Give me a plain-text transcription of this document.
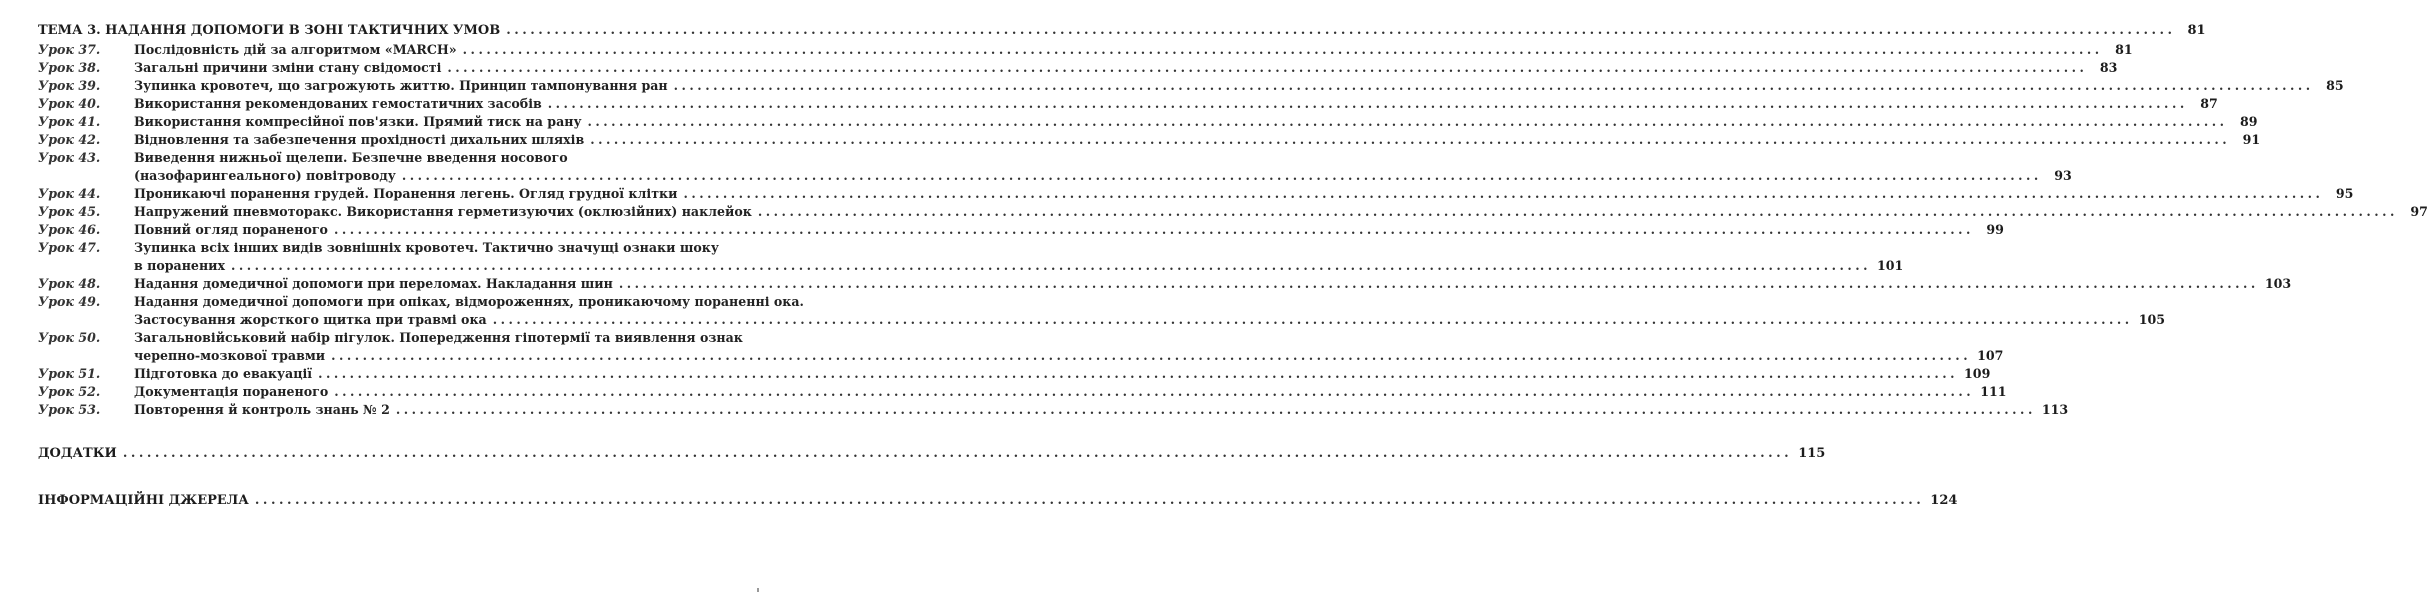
ТЕМА 3. НАДАННЯ ДОПОМОГИ В ЗОНІ ТАКТИЧНИХ УМОВ .....	81
Урок 37.	Послідовність дій за алгоритмом «MARCH» .....	81
Урок 38.	Загальні причини зміни стану свідомості .....	83
Урок 39.	Зупинка кровотеч, що загрожують життю. Принцип тампонування ран .....	85
Урок 40.	Використання рекомендованих гемостатичних засобів .....	87
Урок 41.	Використання компресійної пов'язки. Прямий тиск на рану .....	89
Урок 42.	Відновлення та забезпечення прохідності дихальних шляхів .....	91
Урок 43.	Виведення нижньої щелепи. Безпечне введення носового
(назофарингеального) повітроводу .....	93
Урок 44.	Проникаючі поранення грудей. Поранення легень. Огляд грудної клітки .....	95
Урок 45.	Напружений пневмоторакс. Використання герметизуючих (оклюзійних) наклейок .....	97
Урок 46.	Повний огляд пораненого .....	99
Урок 47.	Зупинка всіх інших видів зовнішніх кровотеч. Тактично значущі ознаки шоку
в поранених .....	101
Урок 48.	Надання домедичної допомоги при переломах. Накладання шин .....	103
Урок 49.	Надання домедичної допомоги при опіках, відмороженнях, проникаючому пораненні ока.
Застосування жорсткого щитка при травмі ока .....	105
Урок 50.	Загальновійськовий набір пігулок. Попередження гіпотермії та виявлення ознак
черепно-мозкової травми .....	107
Урок 51.	Підготовка до евакуації .....	109
Урок 52.	Документація пораненого .....	111
Урок 53.	Повторення й контроль знань № 2 .....	113
ДОДАТКИ .....	115
ІНФОРМАЦІЙНІ ДЖЕРЕЛА .....	124
